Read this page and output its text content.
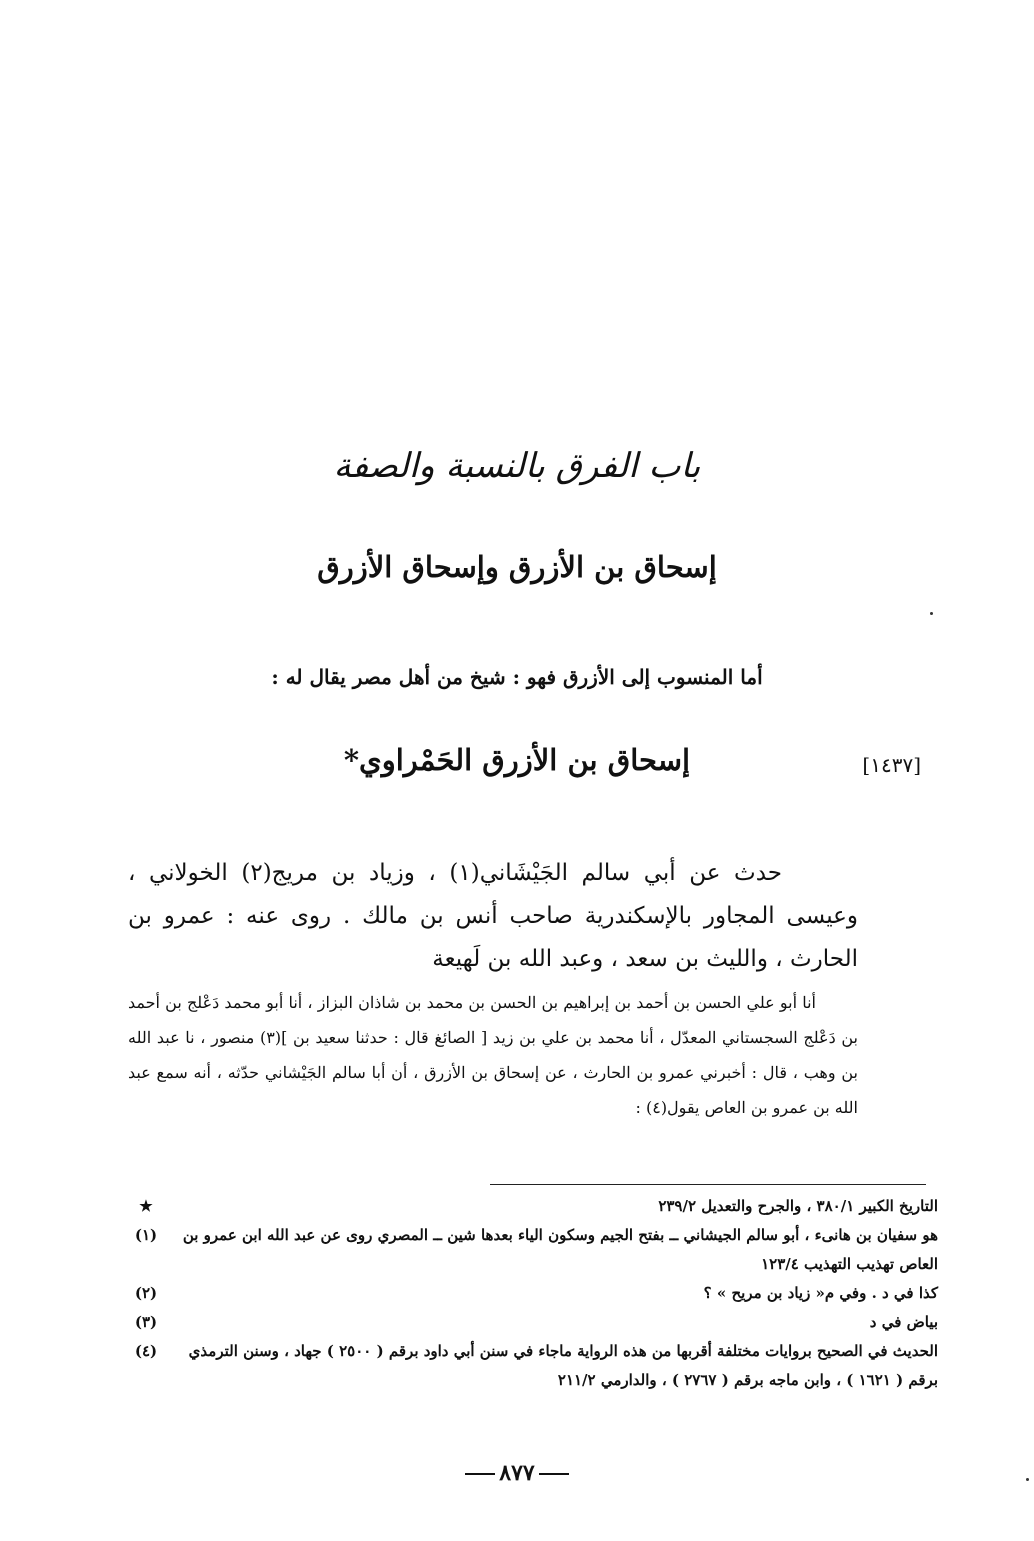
باب الفرق بالنسبة والصفة
إسحاق بن الأزرق وإسحاق الأزرق
أما المنسوب إلى الأزرق فهو : شيخ من أهل مصر يقال له :
[١٤٣٧]
إسحاق بن الأزرق الحَمْراوي*

حدث عن أبي سالم الجَيْشَاني(١) ، وزياد بن مريج(٢) الخولاني ، وعيسى المجاور بالإسكندرية صاحب أنس بن مالك . روى عنه : عمرو بن الحارث ، والليث بن سعد ، وعبد الله بن لَهيعة

أنا أبو علي الحسن بن أحمد بن إبراهيم بن الحسن بن محمد بن شاذان البزاز ، أنا أبو محمد دَعْلج بن أحمد بن دَعْلج السجستاني المعدّل ، أنا محمد بن علي بن زيد [ الصائغ قال : حدثنا سعيد بن ](٣) منصور ، نا عبد الله بن وهب ، قال : أخبرني عمرو بن الحارث ، عن إسحاق بن الأزرق ، أن أبا سالم الجَيْشاني حدّثه ، أنه سمع عبد الله بن عمرو بن العاص يقول(٤) :

★	التاريخ الكبير ٣٨٠/١ ، والجرح والتعديل ٢٣٩/٢
(١)	هو سفيان بن هانىء ، أبو سالم الجيشاني ــ بفتح الجيم وسكون الياء بعدها شين ــ المصري روى عن عبد الله ابن عمرو بن العاص تهذيب التهذيب ١٢٣/٤
(٢)	كذا في د . وفي م« زياد بن مريح » ؟
(٣)	بياض في د
(٤)	الحديث في الصحيح بروايات مختلفة أقربها من هذه الرواية ماجاء في سنن أبي داود برقم ( ٢٥٠٠ ) جهاد ، وسنن الترمذي برقم ( ١٦٢١ ) ، وابن ماجه برقم ( ٢٧٦٧ ) ، والدارمي ٢١١/٢
٨٧٧
